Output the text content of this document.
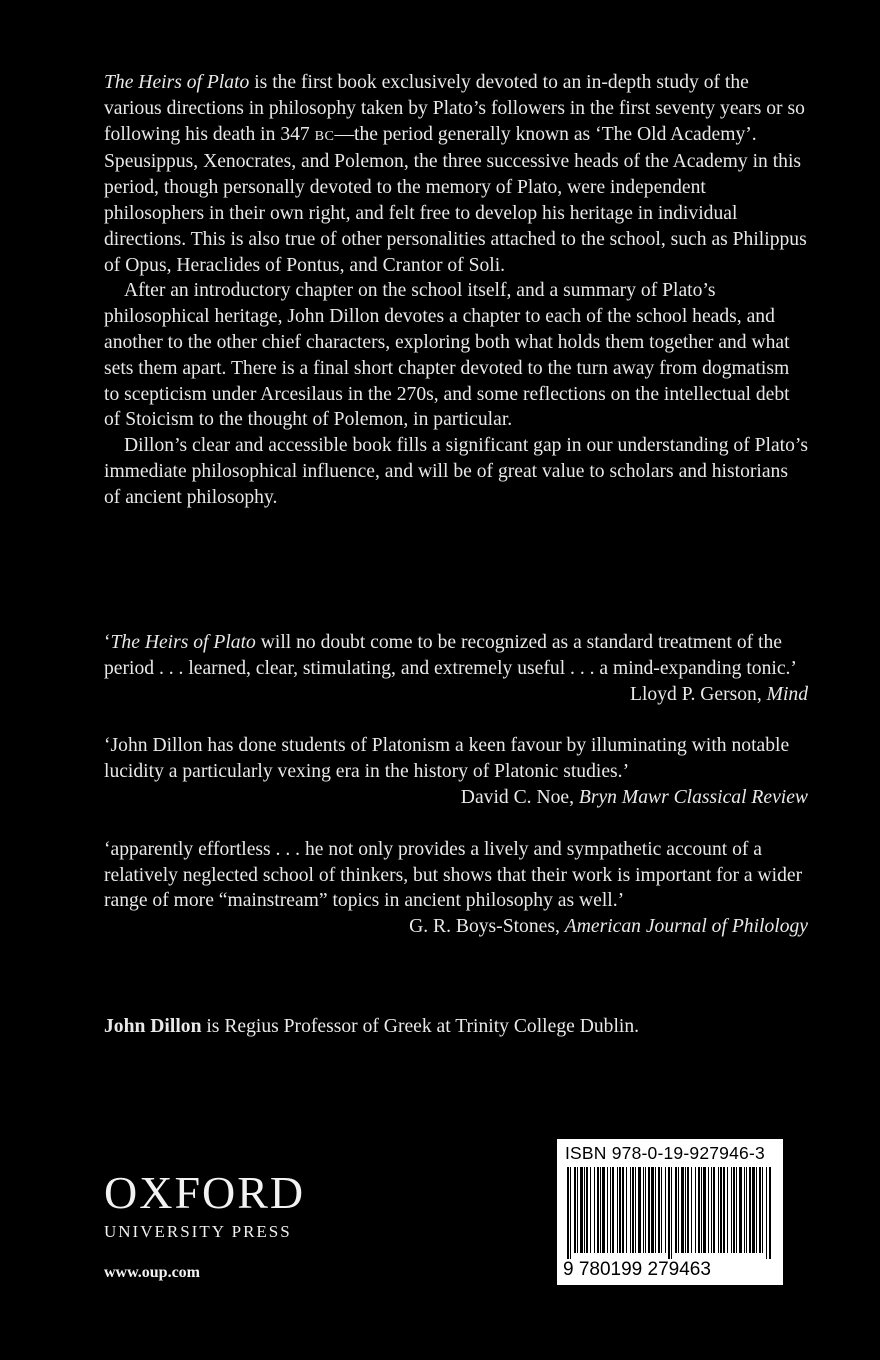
The Heirs of Plato is the first book exclusively devoted to an in-depth study of the various directions in philosophy taken by Plato’s followers in the first seventy years or so following his death in 347 BC—the period generally known as ‘The Old Academy’. Speusippus, Xenocrates, and Polemon, the three successive heads of the Academy in this period, though personally devoted to the memory of Plato, were independent philosophers in their own right, and felt free to develop his heritage in individual directions. This is also true of other personalities attached to the school, such as Philippus of Opus, Heraclides of Pontus, and Crantor of Soli.

After an introductory chapter on the school itself, and a summary of Plato’s philosophical heritage, John Dillon devotes a chapter to each of the school heads, and another to the other chief characters, exploring both what holds them together and what sets them apart. There is a final short chapter devoted to the turn away from dogmatism to scepticism under Arcesilaus in the 270s, and some reflections on the intellectual debt of Stoicism to the thought of Polemon, in particular.

Dillon’s clear and accessible book fills a significant gap in our understanding of Plato’s immediate philosophical influence, and will be of great value to scholars and historians of ancient philosophy.

‘The Heirs of Plato will no doubt come to be recognized as a standard treatment of the period . . . learned, clear, stimulating, and extremely useful . . . a mind-expanding tonic.’
Lloyd P. Gerson, Mind
‘John Dillon has done students of Platonism a keen favour by illuminating with notable lucidity a particularly vexing era in the history of Platonic studies.’
David C. Noe, Bryn Mawr Classical Review
‘apparently effortless . . . he not only provides a lively and sympathetic account of a relatively neglected school of thinkers, but shows that their work is important for a wider range of more “mainstream” topics in ancient philosophy as well.’
G. R. Boys-Stones, American Journal of Philology
John Dillon is Regius Professor of Greek at Trinity College Dublin.
OXFORD
UNIVERSITY PRESS
www.oup.com
ISBN 978-0-19-927946-3
9 780199 279463
